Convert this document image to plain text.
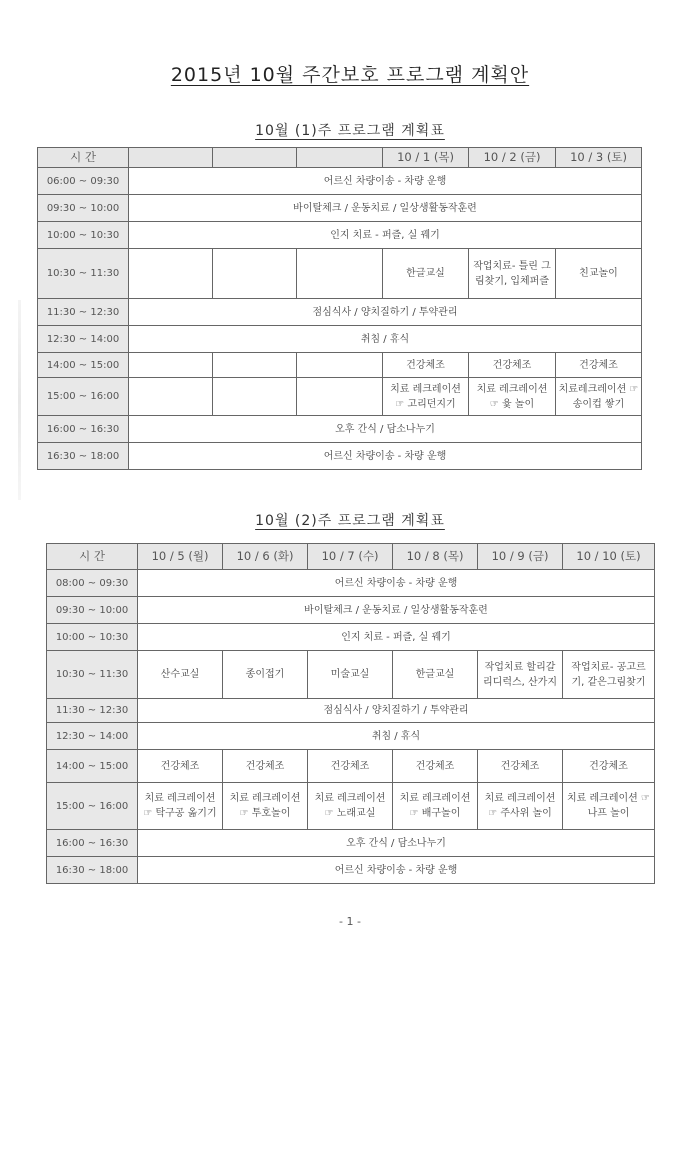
2015년 10월 주간보호 프로그램 계획안
10월 (1)주 프로그램 계획표
시 간				10 / 1 (목)	10 / 2 (금)	10 / 3 (토)
06:00 ~ 09:30	어르신 차량이송 - 차량 운행					
09:30 ~ 10:00	바이탈체크 / 운동치료 / 일상생활동작훈련					
10:00 ~ 10:30	인지 치료 - 퍼즐, 실 꿰기					
10:30 ~ 11:30				한글교실	작업치료- 틀린 그림찾기, 입체퍼즐	친교놀이
11:30 ~ 12:30	점심식사 / 양치질하기 / 투약관리					
12:30 ~ 14:00	취침 / 휴식					
14:00 ~ 15:00				건강체조	건강체조	건강체조
15:00 ~ 16:00				치료 레크레이션 ☞ 고리던지기	치료 레크레이션 ☞ 윷 놀이	치료레크레이션 ☞ 송이컵 쌓기
16:00 ~ 16:30	오후 간식 / 담소나누기					
16:30 ~ 18:00	어르신 차량이송 - 차량 운행					
10월 (2)주 프로그램 계획표
시 간	10 / 5 (월)	10 / 6 (화)	10 / 7 (수)	10 / 8 (목)	10 / 9 (금)	10 / 10 (토)
08:00 ~ 09:30	어르신 차량이송 - 차량 운행					
09:30 ~ 10:00	바이탈체크 / 운동치료 / 일상생활동작훈련					
10:00 ~ 10:30	인지 치료 - 퍼즐, 실 꿰기					
10:30 ~ 11:30	산수교실	종이접기	미술교실	한글교실	작업치료 할리갈리디럭스, 산가지	작업치료- 공고르기, 같은그림찾기
11:30 ~ 12:30	점심식사 / 양치질하기 / 투약관리					
12:30 ~ 14:00	취침 / 휴식					
14:00 ~ 15:00	건강체조	건강체조	건강체조	건강체조	건강체조	건강체조
15:00 ~ 16:00	치료 레크레이션 ☞ 탁구공 옮기기	치료 레크레이션 ☞ 투호놀이	치료 레크레이션 ☞ 노래교실	치료 레크레이션 ☞ 배구놀이	치료 레크레이션 ☞ 주사위 놀이	치료 레크레이션 ☞ 나프 놀이
16:00 ~ 16:30	오후 간식 / 담소나누기					
16:30 ~ 18:00	어르신 차량이송 - 차량 운행					
- 1 -
